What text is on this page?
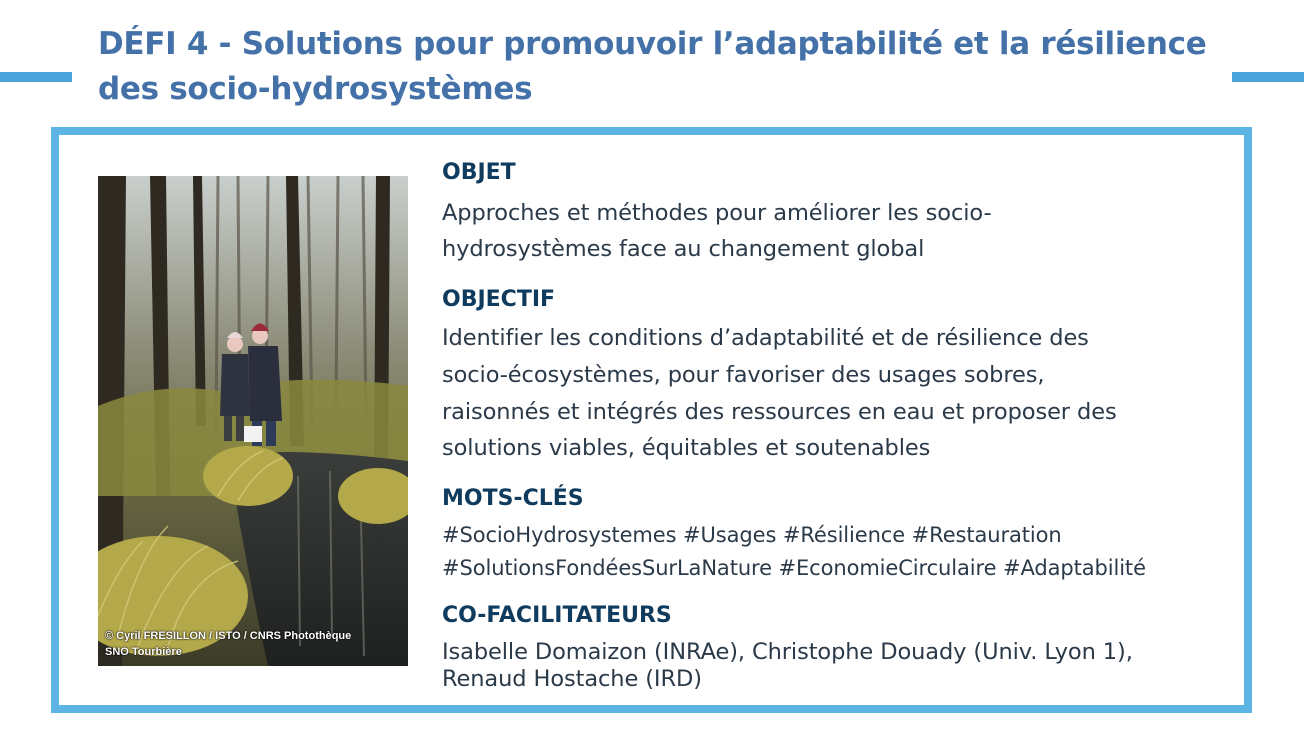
DÉFI 4 - Solutions pour promouvoir l’adaptabilité et la résilience
des socio-hydrosystèmes
© Cyril FRESILLON / ISTO / CNRS Photothèque
SNO Tourbière
OBJET
Approches et méthodes pour améliorer les socio-
hydrosystèmes face au changement global
OBJECTIF
Identifier les conditions d’adaptabilité et de résilience des
socio-écosystèmes, pour favoriser des usages sobres,
raisonnés et intégrés des ressources en eau et proposer des
solutions viables, équitables et soutenables
MOTS-CLÉS
#SocioHydrosystemes #Usages #Résilience #Restauration
#SolutionsFondéesSurLaNature #EconomieCirculaire #Adaptabilité
CO-FACILITATEURS
Isabelle Domaizon (INRAe), Christophe Douady (Univ. Lyon 1),
Renaud Hostache (IRD)
